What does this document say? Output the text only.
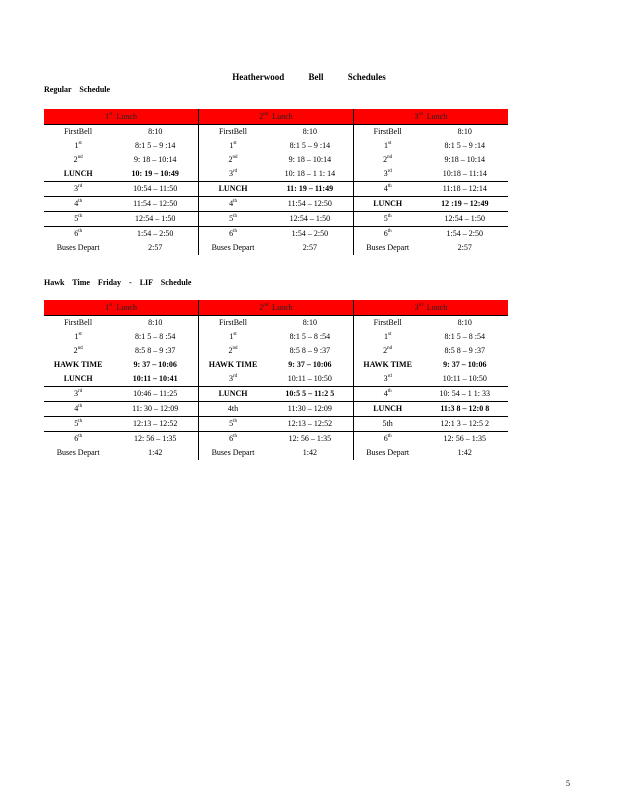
Heatherwood Bell Schedules
Regular Schedule
1st Lunch		2nd Lunch		3rd Lunch	
FirstBell	8:10	FirstBell	8:10	FirstBell	8:10
1st	8:1 5 – 9 :14	1st	8:1 5 – 9 :14	1st	8:1 5 – 9 :14
2nd	9: 18 – 10:14	2nd	9: 18 – 10:14	2nd	9:18 – 10:14
LUNCH	10: 19 – 10:49	3rd	10: 18 – 1 1: 14	3rd	10:18 – 11:14
3rd	10:54 – 11:50	LUNCH	11: 19 – 11:49	4th	11:18 – 12:14
4th	11:54 – 12:50	4th	11:54 – 12:50	LUNCH	12 :19 – 12:49
5th	12:54 – 1:50	5th	12:54 – 1:50	5th	12:54 – 1:50
6th	1:54 – 2:50	6th	1:54 – 2:50	6th	1:54 – 2:50
Buses Depart	2:57	Buses Depart	2:57	Buses Depart	2:57
Hawk Time Friday - LIF Schedule
1st Lunch		2nd Lunch		3rd Lunch	
FirstBell	8:10	FirstBell	8:10	FirstBell	8:10
1st	8:1 5 – 8 :54	1st	8:1 5 – 8 :54	1st	8:1 5 – 8 :54
2nd	8:5 8 – 9 :37	2nd	8:5 8 – 9 :37	2nd	8:5 8 – 9 :37
HAWK TIME	9: 37 – 10:06	HAWK TIME	9: 37 – 10:06	HAWK TIME	9: 37 – 10:06
LUNCH	10:11 – 10:41	3rd	10:11 – 10:50	3rd	10:11 – 10:50
3rd	10:46 – 11:25	LUNCH	10:5 5 – 11:2 5	4th	10: 54 – 1 1: 33
4th	11: 30 – 12:09	4th	11:30 – 12:09	LUNCH	11:3 8 – 12:0 8
5th	12:13 – 12:52	5th	12:13 – 12:52	5th	12:1 3 – 12:5 2
6th	12: 56 – 1:35	6th	12: 56 – 1:35	6th	12: 56 – 1:35
Buses Depart	1:42	Buses Depart	1:42	Buses Depart	1:42
5
